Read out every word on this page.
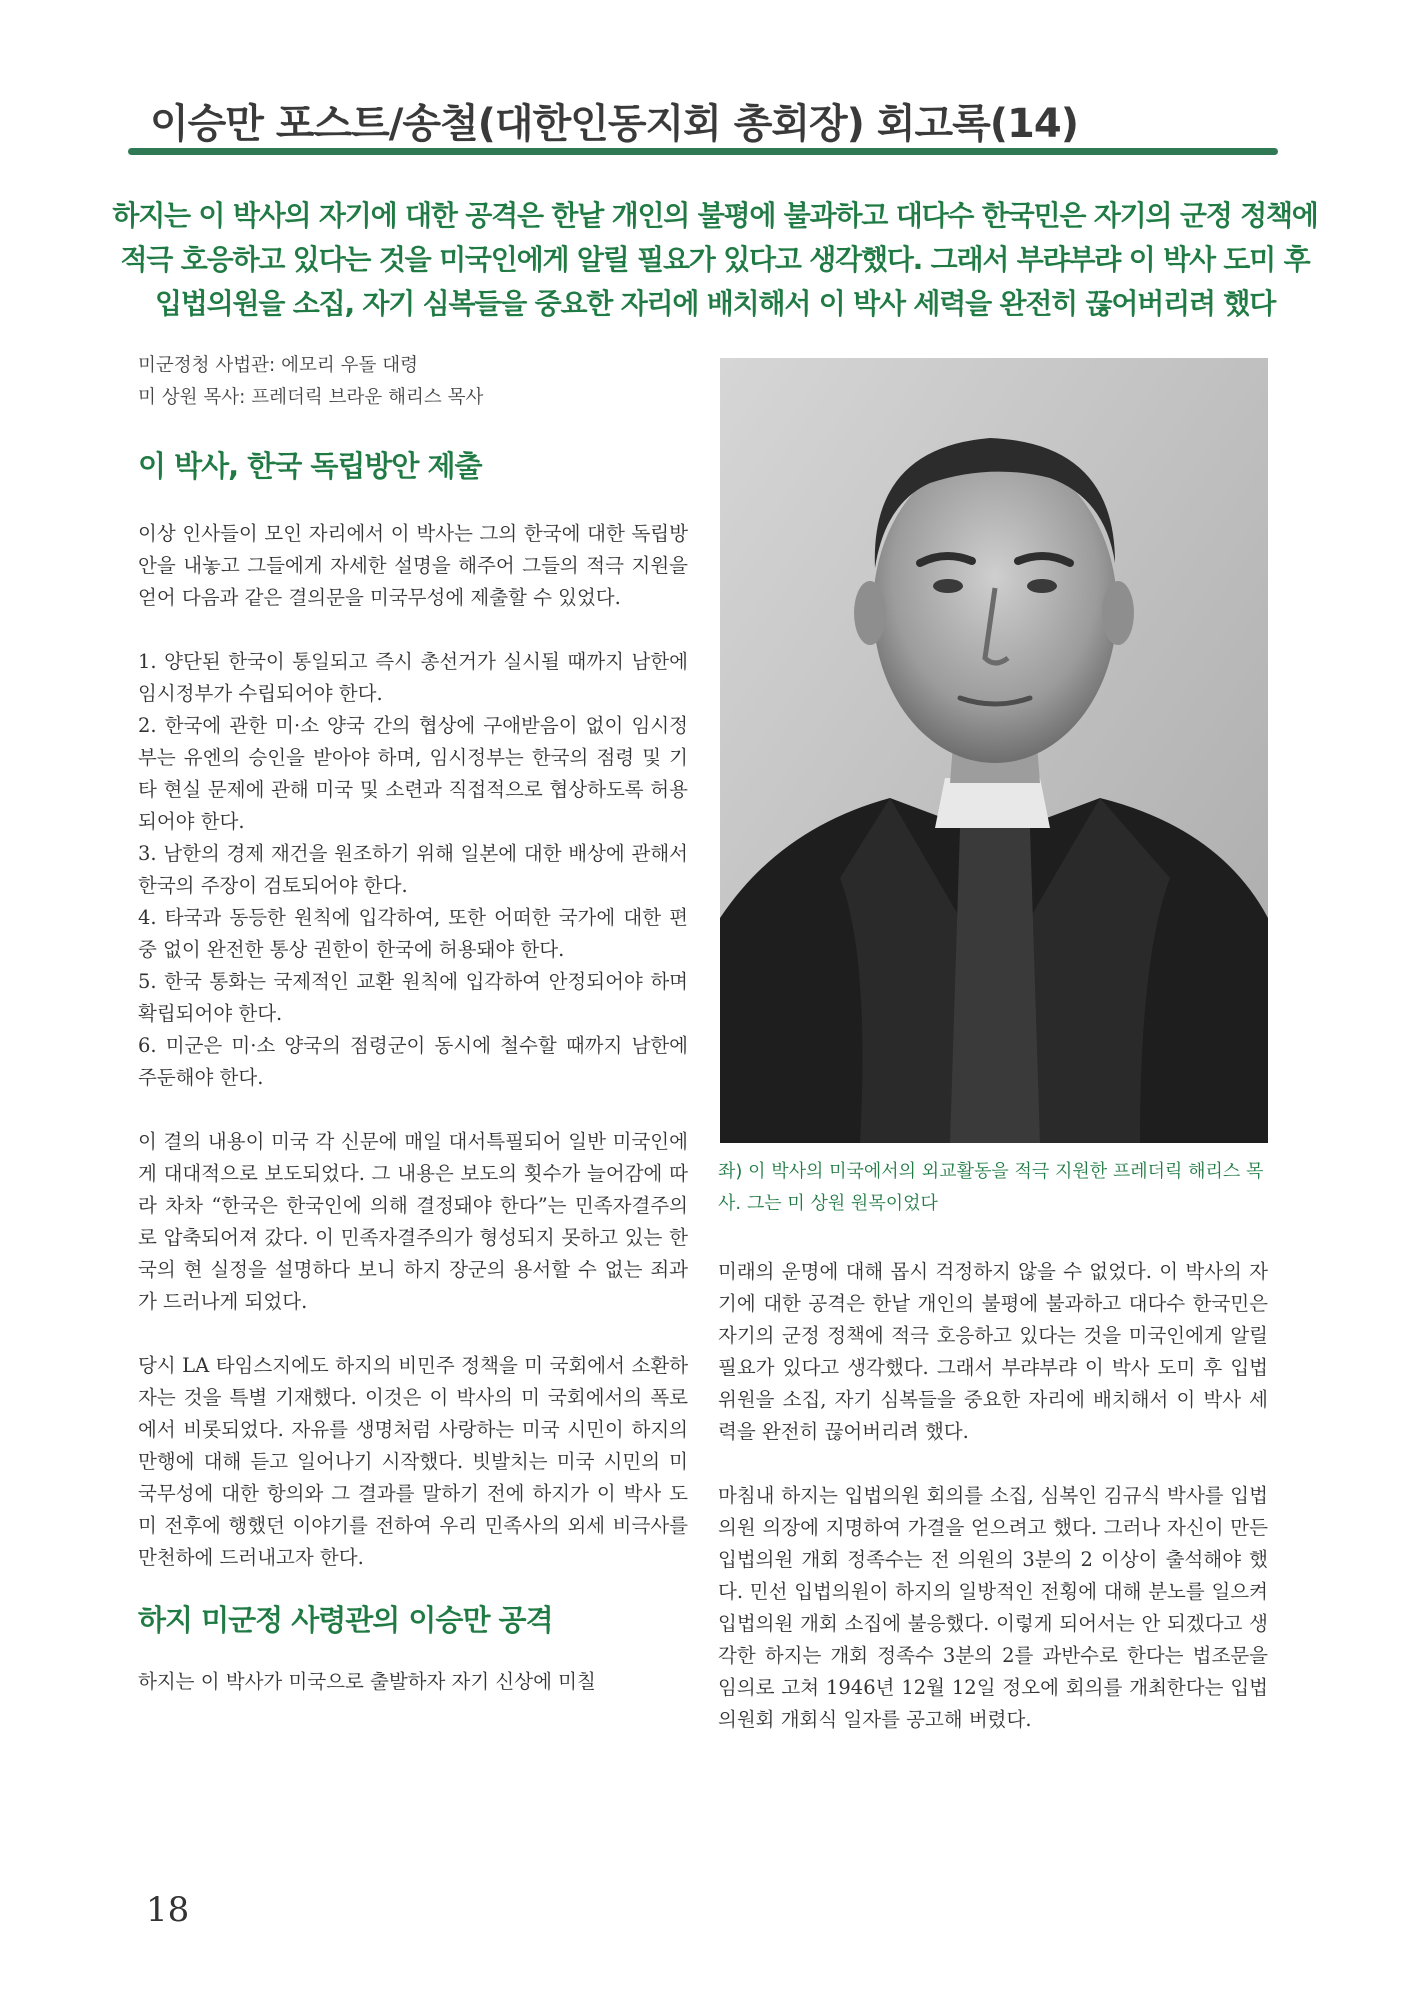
이승만 포스트/송철(대한인동지회 총회장) 회고록(14)
하지는 이 박사의 자기에 대한 공격은 한낱 개인의 불평에 불과하고 대다수 한국민은 자기의 군정 정책에
적극 호응하고 있다는 것을 미국인에게 알릴 필요가 있다고 생각했다. 그래서 부랴부랴 이 박사 도미 후
입법의원을 소집, 자기 심복들을 중요한 자리에 배치해서 이 박사 세력을 완전히 끊어버리려 했다
미군정청 사법관: 에모리 우돌 대령
미 상원 목사: 프레더릭 브라운 해리스 목사
이 박사, 한국 독립방안 제출

이상 인사들이 모인 자리에서 이 박사는 그의 한국에 대한 독립방안을 내놓고 그들에게 자세한 설명을 해주어 그들의 적극 지원을 얻어 다음과 같은 결의문을 미국무성에 제출할 수 있었다.

1. 양단된 한국이 통일되고 즉시 총선거가 실시될 때까지 남한에 임시정부가 수립되어야 한다.

2. 한국에 관한 미·소 양국 간의 협상에 구애받음이 없이 임시정부는 유엔의 승인을 받아야 하며, 임시정부는 한국의 점령 및 기타 현실 문제에 관해 미국 및 소련과 직접적으로 협상하도록 허용되어야 한다.

3. 남한의 경제 재건을 원조하기 위해 일본에 대한 배상에 관해서 한국의 주장이 검토되어야 한다.

4. 타국과 동등한 원칙에 입각하여, 또한 어떠한 국가에 대한 편중 없이 완전한 통상 권한이 한국에 허용돼야 한다.

5. 한국 통화는 국제적인 교환 원칙에 입각하여 안정되어야 하며 확립되어야 한다.

6. 미군은 미·소 양국의 점령군이 동시에 철수할 때까지 남한에 주둔해야 한다.

이 결의 내용이 미국 각 신문에 매일 대서특필되어 일반 미국인에게 대대적으로 보도되었다. 그 내용은 보도의 횟수가 늘어감에 따라 차차 “한국은 한국인에 의해 결정돼야 한다”는 민족자결주의로 압축되어져 갔다. 이 민족자결주의가 형성되지 못하고 있는 한국의 현 실정을 설명하다 보니 하지 장군의 용서할 수 없는 죄과가 드러나게 되었다.

당시 LA 타임스지에도 하지의 비민주 정책을 미 국회에서 소환하자는 것을 특별 기재했다. 이것은 이 박사의 미 국회에서의 폭로에서 비롯되었다. 자유를 생명처럼 사랑하는 미국 시민이 하지의 만행에 대해 듣고 일어나기 시작했다. 빗발치는 미국 시민의 미 국무성에 대한 항의와 그 결과를 말하기 전에 하지가 이 박사 도미 전후에 행했던 이야기를 전하여 우리 민족사의 외세 비극사를 만천하에 드러내고자 한다.

하지 미군정 사령관의 이승만 공격

하지는 이 박사가 미국으로 출발하자 자기 신상에 미칠

좌) 이 박사의 미국에서의 외교활동을 적극 지원한 프레더릭 해리스 목사. 그는 미 상원 원목이었다

미래의 운명에 대해 몹시 걱정하지 않을 수 없었다. 이 박사의 자기에 대한 공격은 한낱 개인의 불평에 불과하고 대다수 한국민은 자기의 군정 정책에 적극 호응하고 있다는 것을 미국인에게 알릴 필요가 있다고 생각했다. 그래서 부랴부랴 이 박사 도미 후 입법위원을 소집, 자기 심복들을 중요한 자리에 배치해서 이 박사 세력을 완전히 끊어버리려 했다.

마침내 하지는 입법의원 회의를 소집, 심복인 김규식 박사를 입법의원 의장에 지명하여 가결을 얻으려고 했다. 그러나 자신이 만든 입법의원 개회 정족수는 전 의원의 3분의 2 이상이 출석해야 했다. 민선 입법의원이 하지의 일방적인 전횡에 대해 분노를 일으켜 입법의원 개회 소집에 불응했다. 이렇게 되어서는 안 되겠다고 생각한 하지는 개회 정족수 3분의 2를 과반수로 한다는 법조문을 임의로 고쳐 1946년 12월 12일 정오에 회의를 개최한다는 입법의원회 개회식 일자를 공고해 버렸다.

18
